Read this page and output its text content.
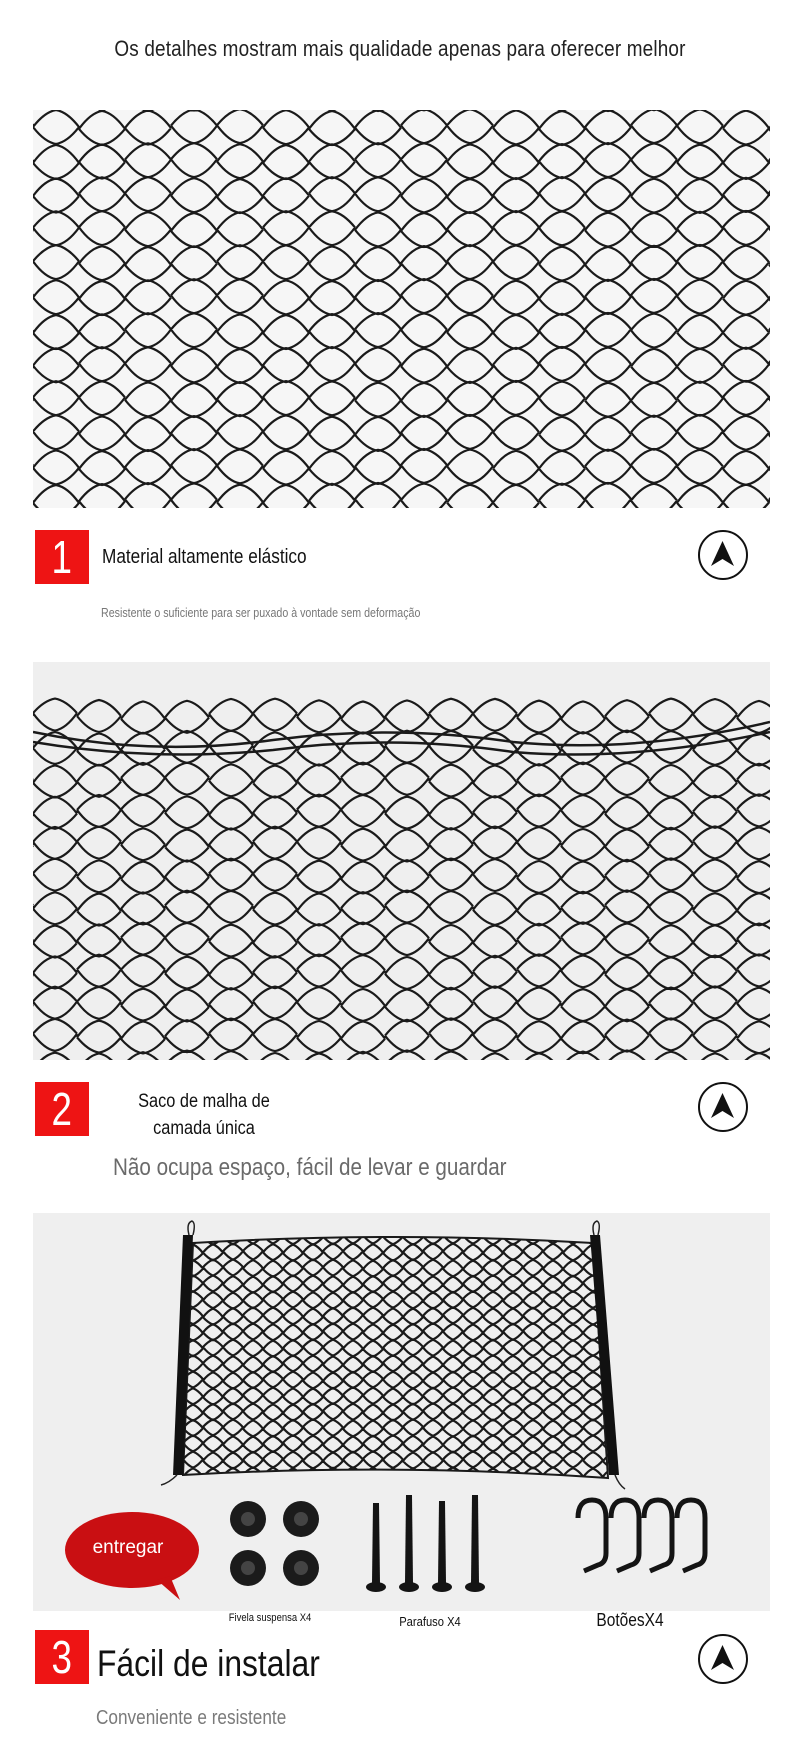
Os detalhes mostram mais qualidade apenas para oferecer melhor
1	Material altamente elástico
Resistente o suficiente para ser puxado à vontade sem deformação
2	Saco de malha de
camada única
Não ocupa espaço, fácil de levar e guardar
entregar
Fivela suspensa X4	Parafuso X4	BotõesX4
3 Fácil de instalar
Conveniente e resistente
